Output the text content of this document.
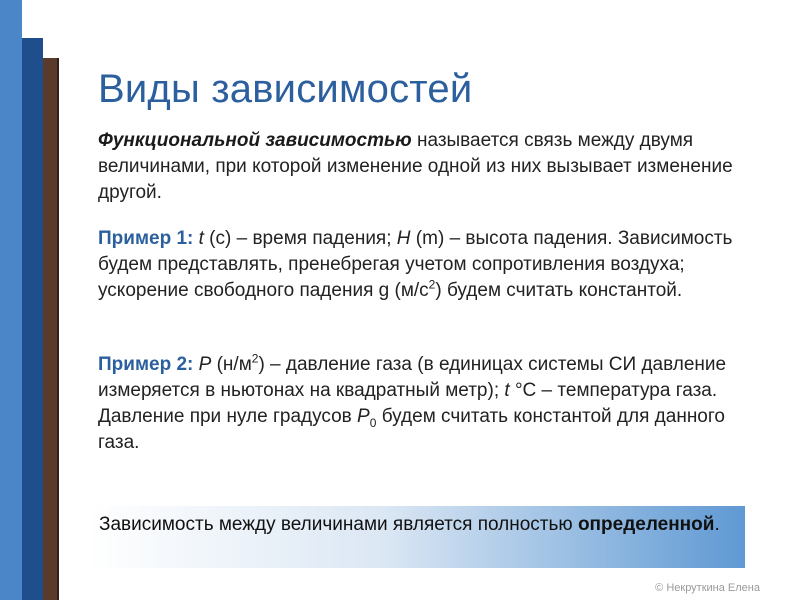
Виды зависимостей
Функциональной зависимостью называется связь между двумя величинами, при которой изменение одной из них вызывает изменение другой.
Пример 1: t (с) – время падения; H (m) – высота падения. Зависимость будем представлять, пренебрегая учетом сопротивления воздуха; ускорение свободного падения g $(м/с^2)$ будем считать константой.
Пример 2: P $(н/м^2)$ – давление газа (в единицах системы СИ давление измеряется в ньютонах на квадратный метр); t °С – температура газа. Давление при нуле градусов $P_0$ будем считать константой для данного газа.
Зависимость между величинами является полностью определенной.
© Некруткина Елена
